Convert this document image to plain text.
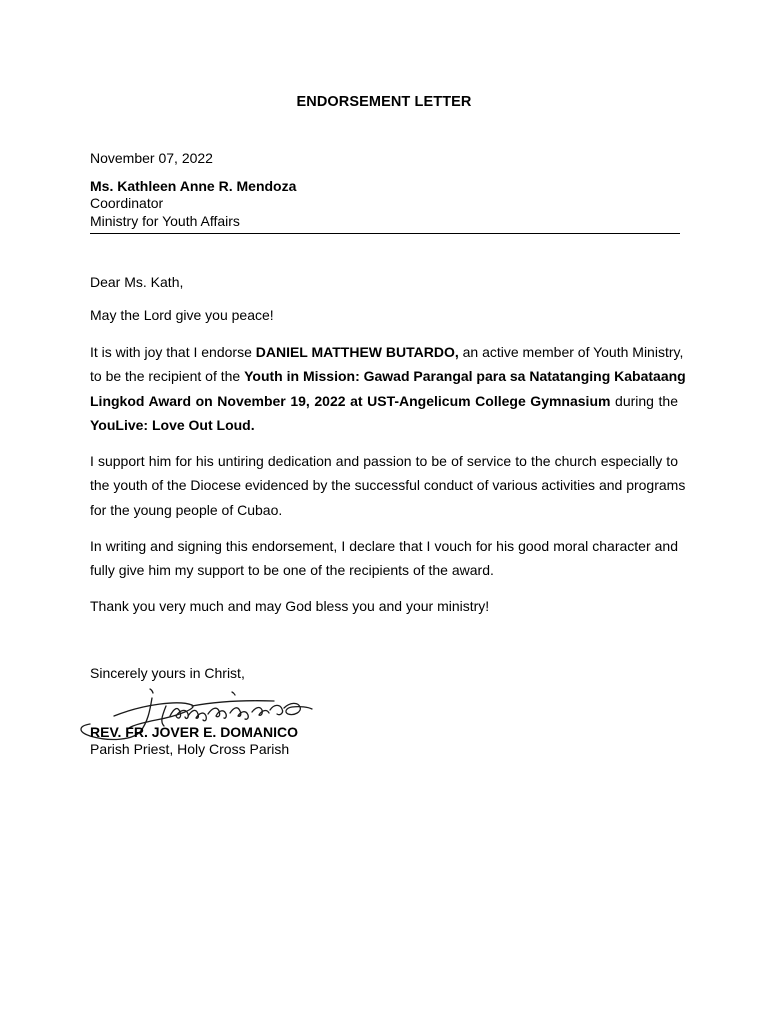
ENDORSEMENT LETTER
November 07, 2022
Ms. Kathleen Anne R. Mendoza
Coordinator
Ministry for Youth Affairs
Dear Ms. Kath,
May the Lord give you peace!
It is with joy that I endorse DANIEL MATTHEW BUTARDO, an active member of Youth Ministry,
to be the recipient of the Youth in Mission: Gawad Parangal para sa Natatanging Kabataang
Lingkod Award on November 19, 2022 at UST-Angelicum College Gymnasium during the
YouLive: Love Out Loud.
I support him for his untiring dedication and passion to be of service to the church especially to
the youth of the Diocese evidenced by the successful conduct of various activities and programs
for the young people of Cubao.
In writing and signing this endorsement, I declare that I vouch for his good moral character and
fully give him my support to be one of the recipients of the award.
Thank you very much and may God bless you and your ministry!
Sincerely yours in Christ,
REV. FR. JOVER E. DOMANICO
Parish Priest, Holy Cross Parish
